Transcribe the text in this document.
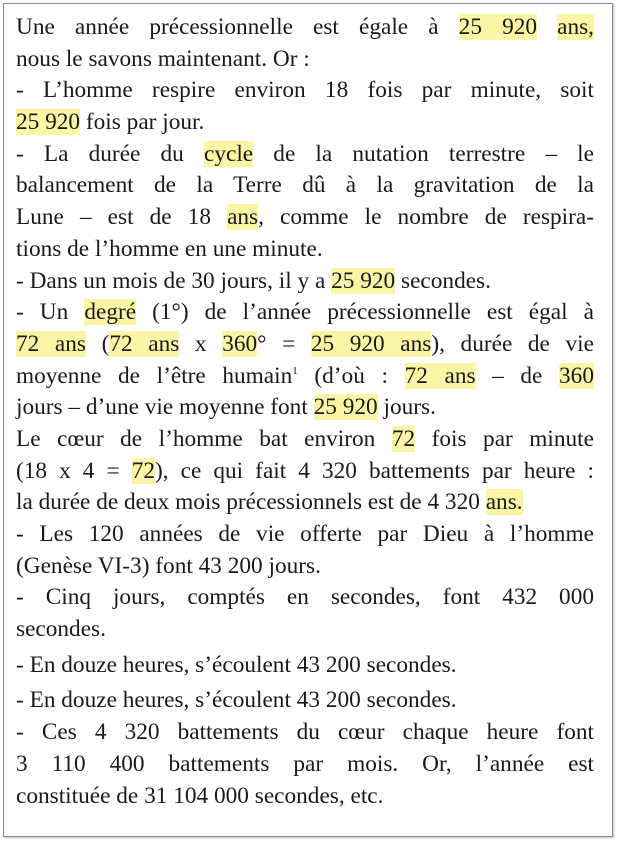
Une année précessionnelle est égale à 25 920 ans,
nous le savons maintenant. Or :
- L’homme respire environ 18 fois par minute, soit
25 920 fois par jour.
- La durée du cycle de la nutation terrestre – le
balancement de la Terre dû à la gravitation de la
Lune – est de 18 ans, comme le nombre de respira-
tions de l’homme en une minute.
- Dans un mois de 30 jours, il y a 25 920 secondes.
- Un degré (1°) de l’année précessionnelle est égal à
72 ans (72 ans x 360° = 25 920 ans), durée de vie
moyenne de l’être humain$^1$ (d’où : 72 ans – de 360
jours – d’une vie moyenne font 25 920 jours.
Le cœur de l’homme bat environ 72 fois par minute
(18 x 4 = 72), ce qui fait 4 320 battements par heure :
la durée de deux mois précessionnels est de 4 320 ans.
- Les 120 années de vie offerte par Dieu à l’homme
(Genèse VI-3) font 43 200 jours.
- Cinq jours, comptés en secondes, font 432 000
secondes.
- En douze heures, s’écoulent 43 200 secondes.
- En douze heures, s’écoulent 43 200 secondes.
- Ces 4 320 battements du cœur chaque heure font
3 110 400 battements par mois. Or, l’année est
constituée de 31 104 000 secondes, etc.
